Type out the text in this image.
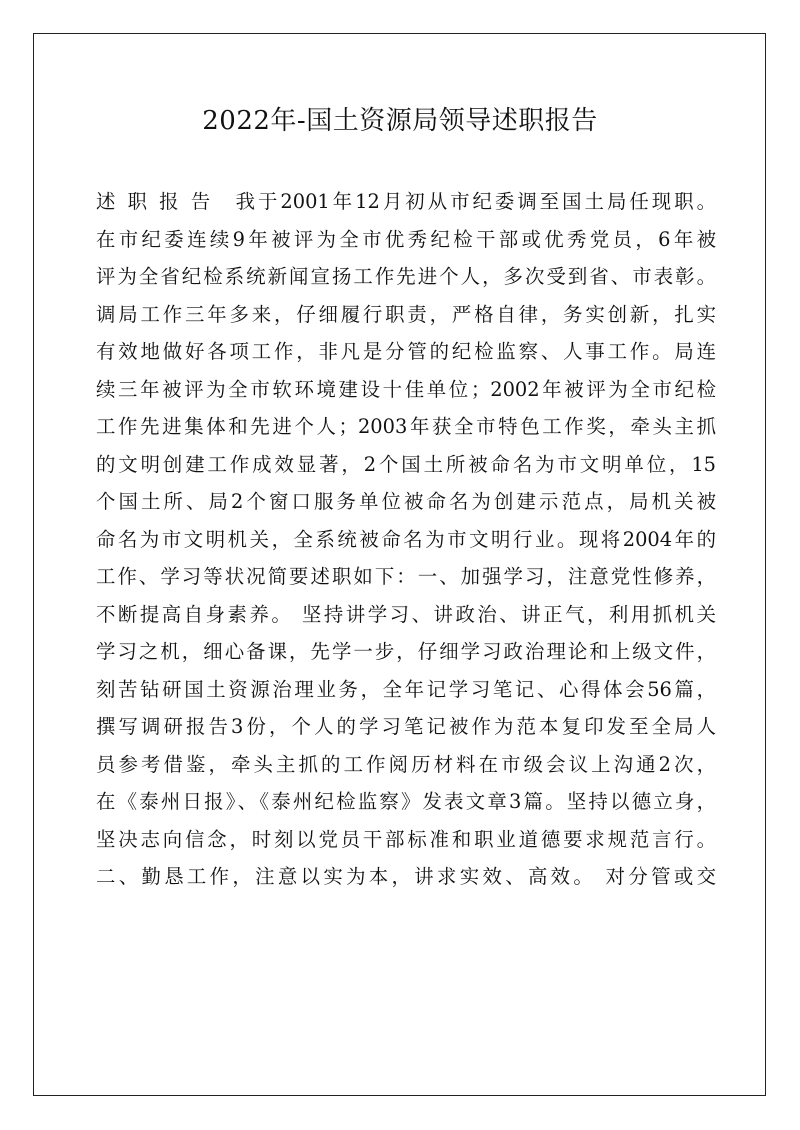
2022年-国土资源局领导述职报告
述 职 报 告　我于2001年12月初从市纪委调至国土局任现职。
在市纪委连续9年被评为全市优秀纪检干部或优秀党员，6年被
评为全省纪检系统新闻宣扬工作先进个人，多次受到省、市表彰。
调局工作三年多来，仔细履行职责，严格自律，务实创新，扎实
有效地做好各项工作，非凡是分管的纪检监察、人事工作。局连
续三年被评为全市软环境建设十佳单位；2002年被评为全市纪检
工作先进集体和先进个人；2003年获全市特色工作奖，牵头主抓
的文明创建工作成效显著，2个国土所被命名为市文明单位，15
个国土所、局2个窗口服务单位被命名为创建示范点，局机关被
命名为市文明机关，全系统被命名为市文明行业。现将2004年的
工作、学习等状况简要述职如下：一、加强学习，注意党性修养，
不断提高自身素养。 坚持讲学习、讲政治、讲正气，利用抓机关
学习之机，细心备课，先学一步，仔细学习政治理论和上级文件，
刻苦钻研国土资源治理业务，全年记学习笔记、心得体会56篇，
撰写调研报告3份，个人的学习笔记被作为范本复印发至全局人
员参考借鉴，牵头主抓的工作阅历材料在市级会议上沟通2次，
在《泰州日报》、《泰州纪检监察》发表文章3篇。坚持以德立身，
坚决志向信念，时刻以党员干部标准和职业道德要求规范言行。
二、勤恳工作，注意以实为本，讲求实效、高效。 对分管或交
